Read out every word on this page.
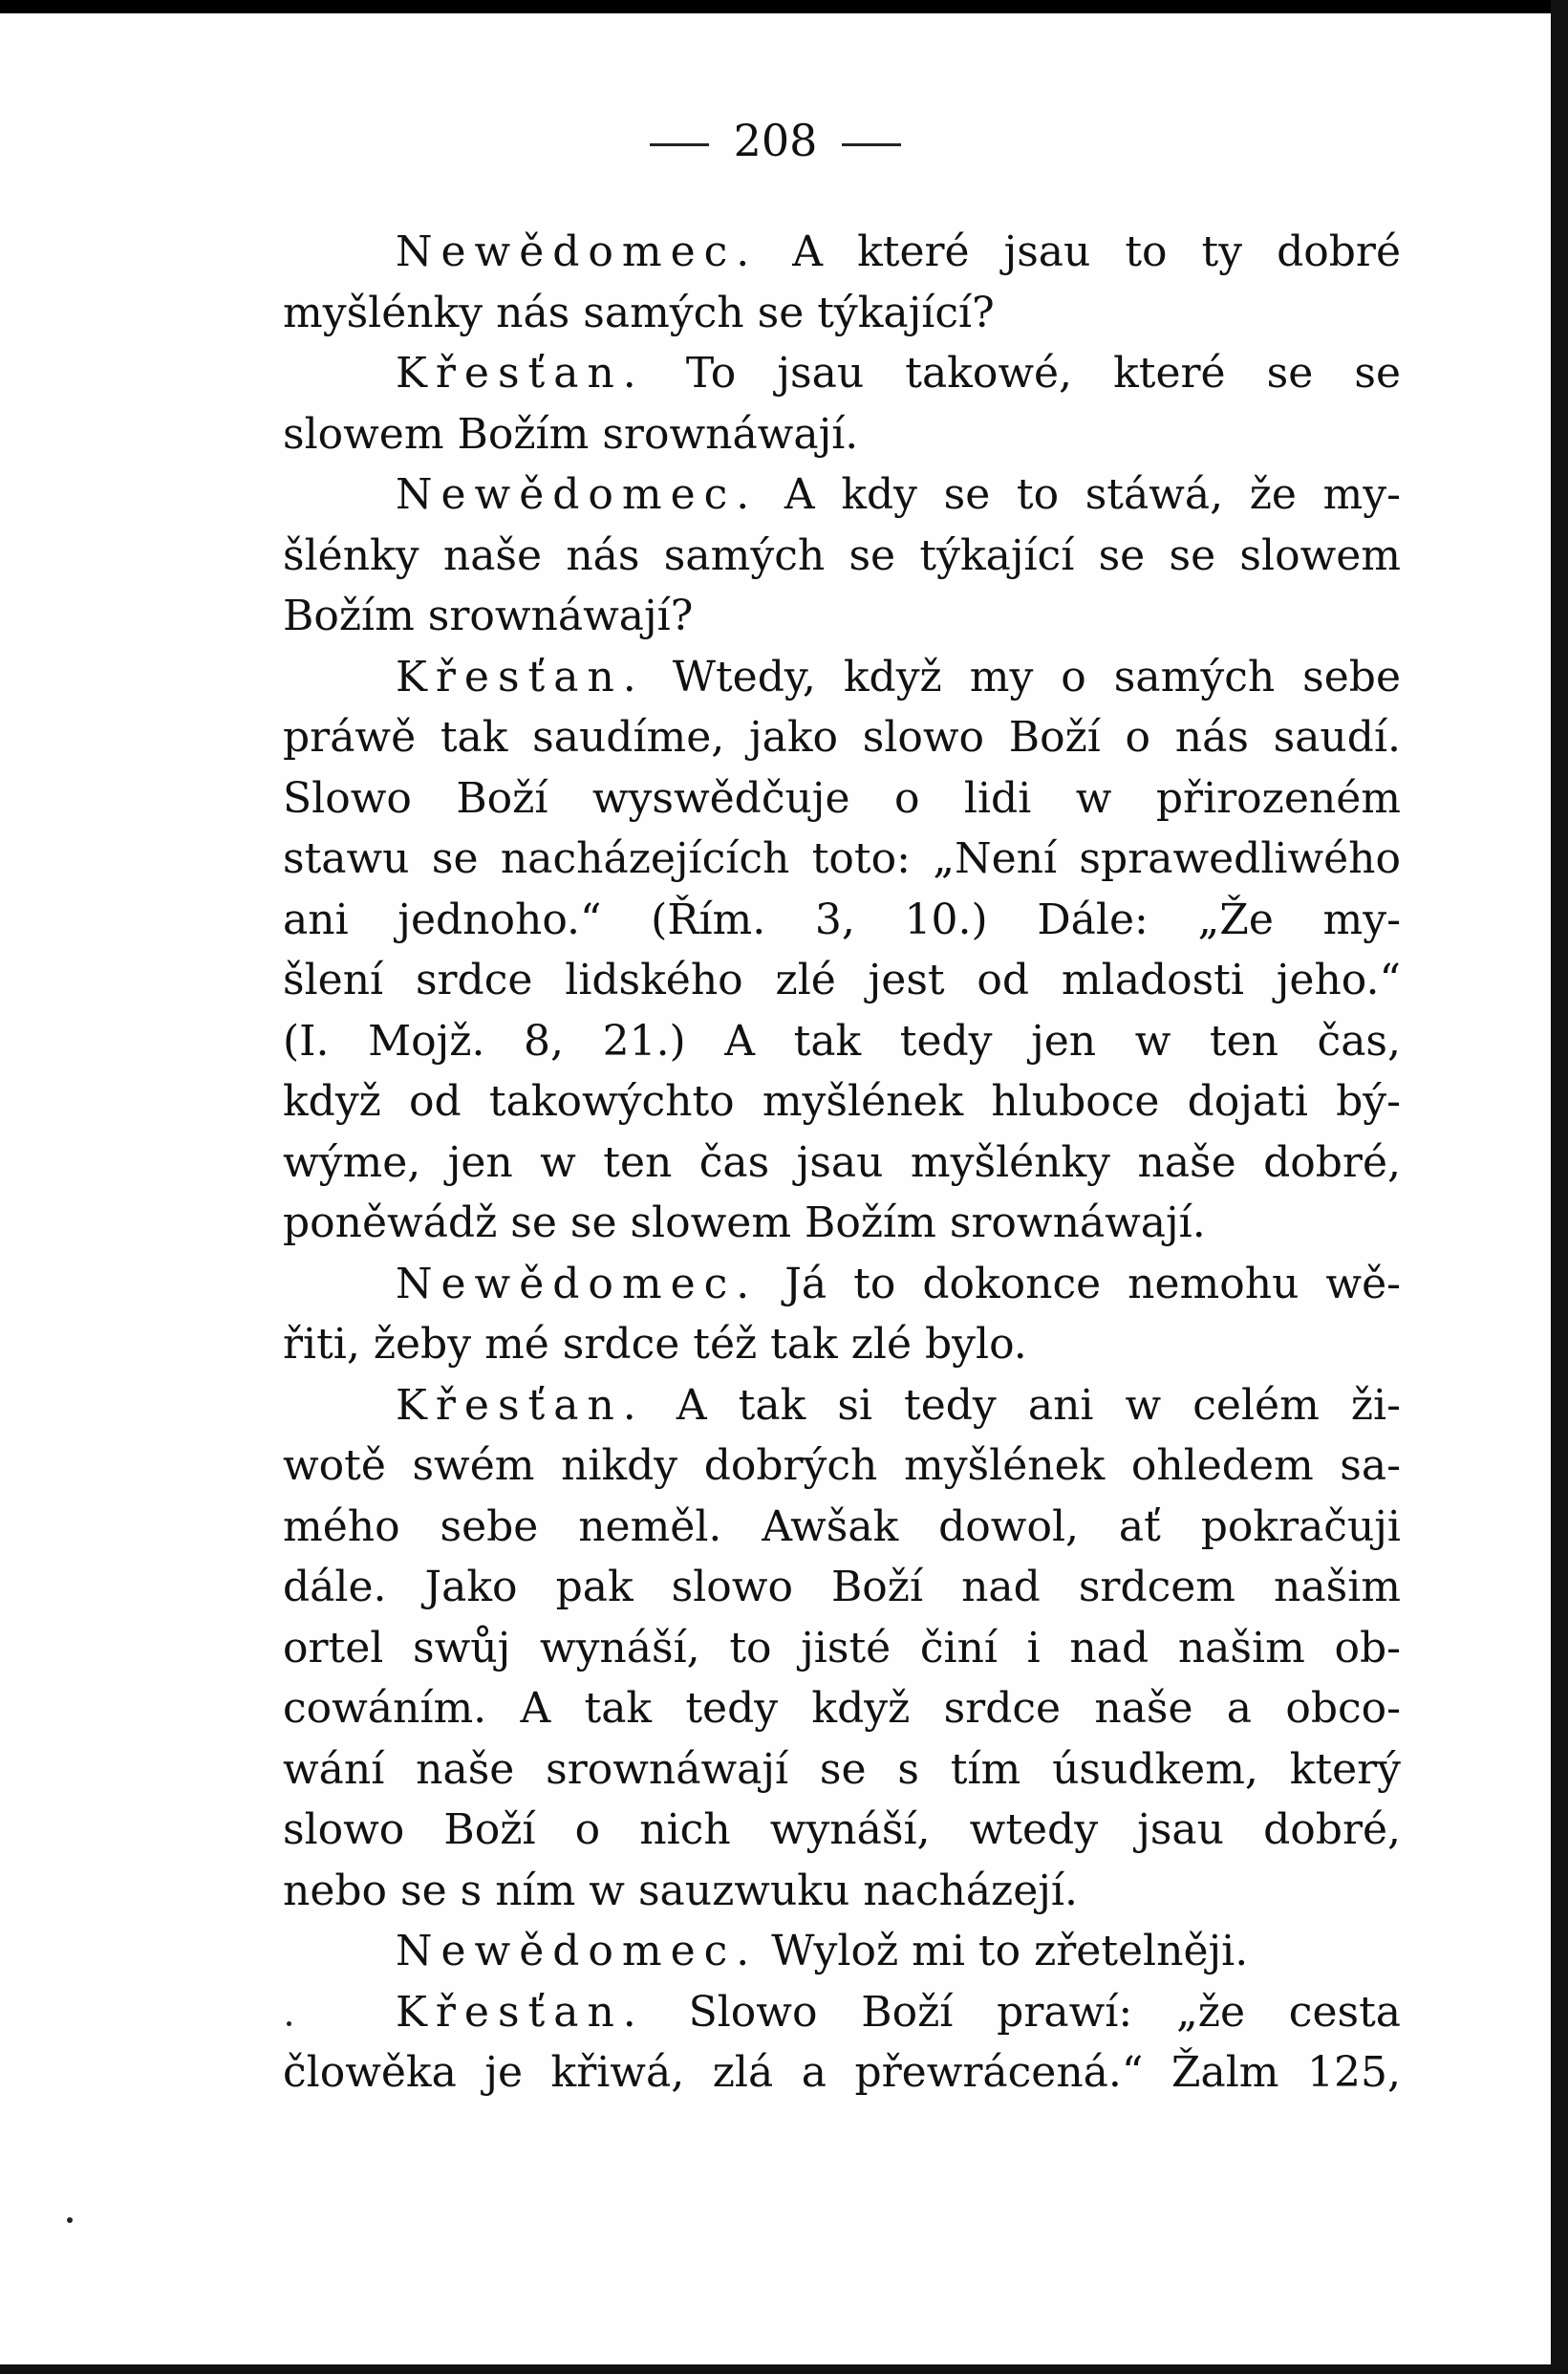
208
Newědomec. A které jsau to ty dobré
myšlénky nás samých se týkající?
Křesťan. To jsau takowé, které se se
slowem Božím srownáwají.
Newědomec. A kdy se to stáwá, že my-
šlénky naše nás samých se týkající se se slowem
Božím srownáwají?
Křesťan. Wtedy, když my o samých sebe
práwě tak saudíme, jako slowo Boží o nás saudí.
Slowo Boží wyswědčuje o lidi w přirozeném
stawu se nacházejících toto: „Není sprawedliwého
ani jednoho.“ (Řím. 3, 10.) Dále: „Že my-
šlení srdce lidského zlé jest od mladosti jeho.“
(I. Mojž. 8, 21.) A tak tedy jen w ten čas,
když od takowýchto myšlének hluboce dojati bý-
wýme, jen w ten čas jsau myšlénky naše dobré,
poněwádž se se slowem Božím srownáwají.
Newědomec. Já to dokonce nemohu wě-
řiti, žeby mé srdce též tak zlé bylo.
Křesťan. A tak si tedy ani w celém ži-
wotě swém nikdy dobrých myšlének ohledem sa-
mého sebe neměl. Awšak dowol, ať pokračuji
dále. Jako pak slowo Boží nad srdcem našim
ortel swůj wynáší, to jisté činí i nad našim ob-
cowáním. A tak tedy když srdce naše a obco-
wání naše srownáwají se s tím úsudkem, který
slowo Boží o nich wynáší, wtedy jsau dobré,
nebo se s ním w sauzwuku nacházejí.
Newědomec. Wylož mi to zřetelněji.
Křesťan. Slowo Boží prawí: „že cesta
člowěka je křiwá, zlá a přewrácená.“ Žalm 125,
